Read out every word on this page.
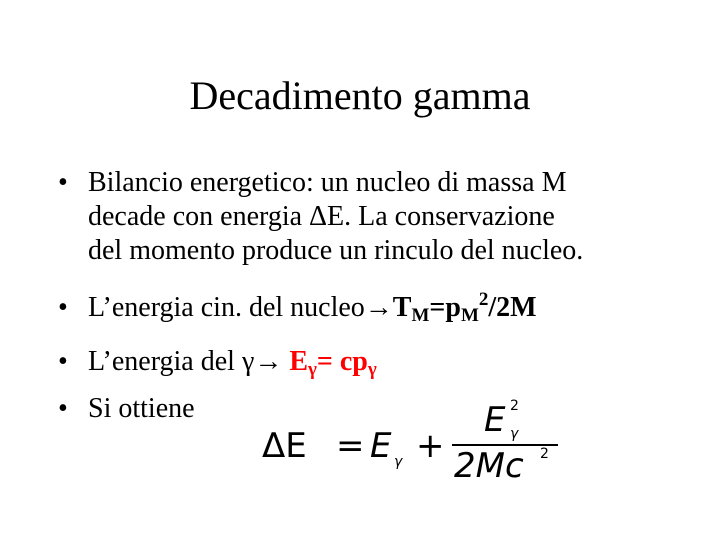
Decadimento gamma
• Bilancio energetico: un nucleo di massa M
decade con energia ΔE. La conservazione
del momento produce un rinculo del nucleo.
• L’energia cin. del $nucleo\to T_M=p_M^2/2M$
• L’energia del $\gamma\to E_\gamma= cp_\gamma$
• Si ottiene
ΔE = E γ +
E 2
γ
2Mc 2
